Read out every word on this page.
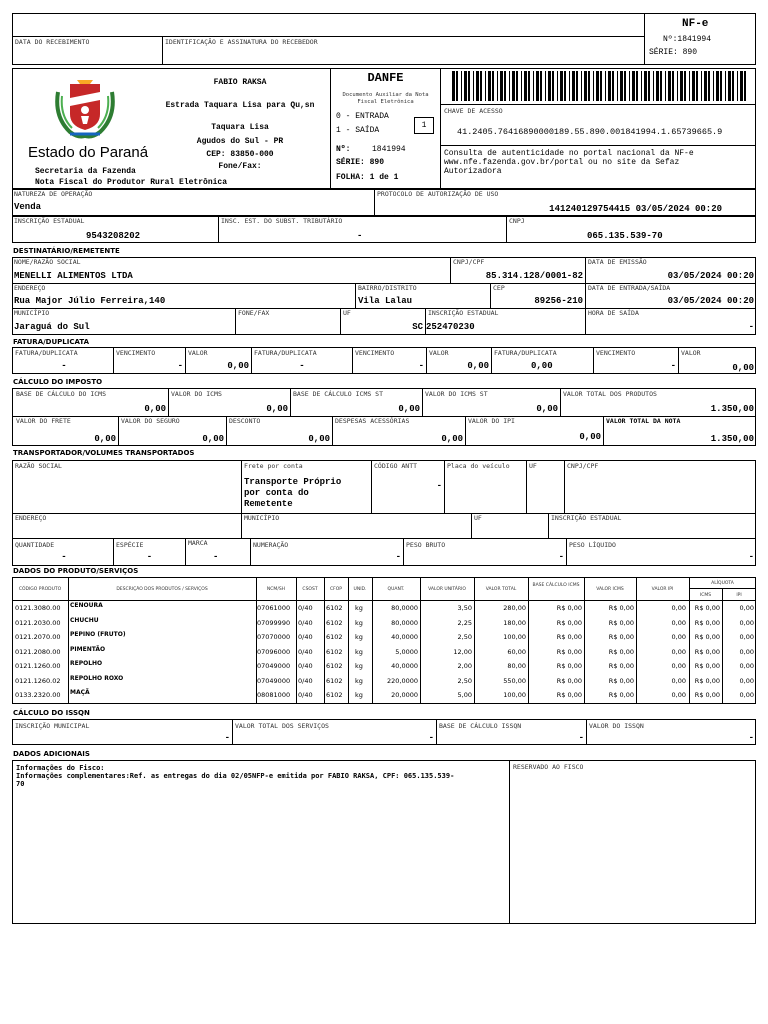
DATA DO RECEBIMENTO	IDENTIFICAÇÃO E ASSINATURA DO RECEBEDOR
NF-e
Nº:1841994
SÉRIE: 890
Estado do Paraná
Secretaria da Fazenda
Nota Fiscal do Produtor Rural Eletrônica
FABIO RAKSA
Estrada Taquara Lisa para Qu,sn
Taquara Lisa
Agudos do Sul - PR
CEP: 83850-000
Fone/Fax:
DANFE
Documento Auxiliar da Nota
Fiscal Eletrônica
0 - ENTRADA
1 - SAÍDA
1
Nº:	1841994
SÉRIE: 890
FOLHA: 1 de 1
CHAVE DE ACESSO
41.2405.76416890000189.55.890.001841994.1.65739665.9
Consulta de autenticidade no portal nacional da NF-e
www.nfe.fazenda.gov.br/portal ou no site da Sefaz
Autorizadora
NATUREZA DE OPERAÇÃO
Venda
PROTOCOLO DE AUTORIZAÇÃO DE USO
141240129754415 03/05/2024 00:20
INSCRIÇÃO ESTADUAL
9543208202
INSC. EST. DO SUBST. TRIBUTÁRIO
-
CNPJ
065.135.539-70
DESTINATÁRIO/REMETENTE
NOME/RAZÃO SOCIAL
MENELLI ALIMENTOS LTDA
CNPJ/CPF
85.314.128/0001-82
DATA DE EMISSÃO
03/05/2024 00:20
ENDEREÇO
Rua Major Júlio Ferreira,140
BAIRRO/DISTRITO
Vila Lalau
CEP
89256-210
DATA DE ENTRADA/SAÍDA
03/05/2024 00:20
MUNICÍPIO
Jaraguá do Sul
FONE/FAX	UF
SC
INSCRIÇÃO ESTADUAL
252470230
HORA DE SAÍDA
-
FATURA/DUPLICATA
FATURA/DUPLICATA
-
VENCIMENTO
-
VALOR
0,00
FATURA/DUPLICATA
-
VENCIMENTO
-
VALOR
0,00
FATURA/DUPLICATA
0,00
VENCIMENTO
-
VALOR
0,00
CÁLCULO DO IMPOSTO
BASE DE CÁLCULO DO ICMS
0,00
VALOR DO ICMS
0,00
BASE DE CÁLCULO ICMS ST
0,00
VALOR DO ICMS ST
0,00
VALOR TOTAL DOS PRODUTOS
1.350,00
VALOR DO FRETE
0,00
VALOR DO SEGURO
0,00
DESCONTO
0,00
DESPESAS ACESSÓRIAS
0,00
VALOR DO IPI
0,00
VALOR TOTAL DA NOTA
1.350,00
TRANSPORTADOR/VOLUMES TRANSPORTADOS
RAZÃO SOCIAL	Frete por conta
Transporte Próprio
por conta do
Remetente
CÓDIGO ANTT
-
Placa do veículo	UF	CNPJ/CPF
ENDEREÇO	MUNICÍPIO	UF	INSCRIÇÃO ESTADUAL
QUANTIDADE
-
ESPÉCIE
-
MARCA
-
NUMERAÇÃO
-
PESO BRUTO
-
PESO LÍQUIDO
-
DADOS DO PRODUTO/SERVIÇOS
CÓDIGO PRODUTO	DESCRIÇÃO DOS PRODUTOS / SERVIÇOS	NCM/SH	CSOST	CFOP	UNID.	QUANT.	VALOR UNITÁRIO	VALOR TOTAL
BASE CÁLCULO ICMS
VALOR ICMS	VALOR IPI
ALÍQUOTA
ICMS	IPI
0121.3080.00	CENOURA	07061000	0/40	6102	kg	80,0000	3,50	280,00	R$ 0,00	R$ 0,00	0,00	R$ 0,00	0,00
0121.2030.00	CHUCHU	07099990	0/40	6102	kg	80,0000	2,25	180,00	R$ 0,00	R$ 0,00	0,00	R$ 0,00	0,00
0121.2070.00	PEPINO (FRUTO)	07070000	0/40	6102	kg	40,0000	2,50	100,00	R$ 0,00	R$ 0,00	0,00	R$ 0,00	0,00
0121.2080.00	PIMENTÃO	07096000	0/40	6102	kg	5,0000	12,00	60,00	R$ 0,00	R$ 0,00	0,00	R$ 0,00	0,00
0121.1260.00	REPOLHO	07049000	0/40	6102	kg	40,0000	2,00	80,00	R$ 0,00	R$ 0,00	0,00	R$ 0,00	0,00
0121.1260.02	REPOLHO ROXO	07049000	0/40	6102	kg	220,0000	2,50	550,00	R$ 0,00	R$ 0,00	0,00	R$ 0,00	0,00
0133.2320.00	MAÇÃ	08081000	0/40	6102	kg	20,0000	5,00	100,00	R$ 0,00	R$ 0,00	0,00	R$ 0,00	0,00
CÁLCULO DO ISSQN
INSCRIÇÃO MUNICIPAL
-
VALOR TOTAL DOS SERVIÇOS
-
BASE DE CÁLCULO ISSQN
-
VALOR DO ISSQN
-
DADOS ADICIONAIS
Informações do Fisco:
Informações complementares:Ref. as entregas do dia 02/05NFP-e emitida por FABIO RAKSA, CPF: 065.135.539-
70
RESERVADO AO FISCO
